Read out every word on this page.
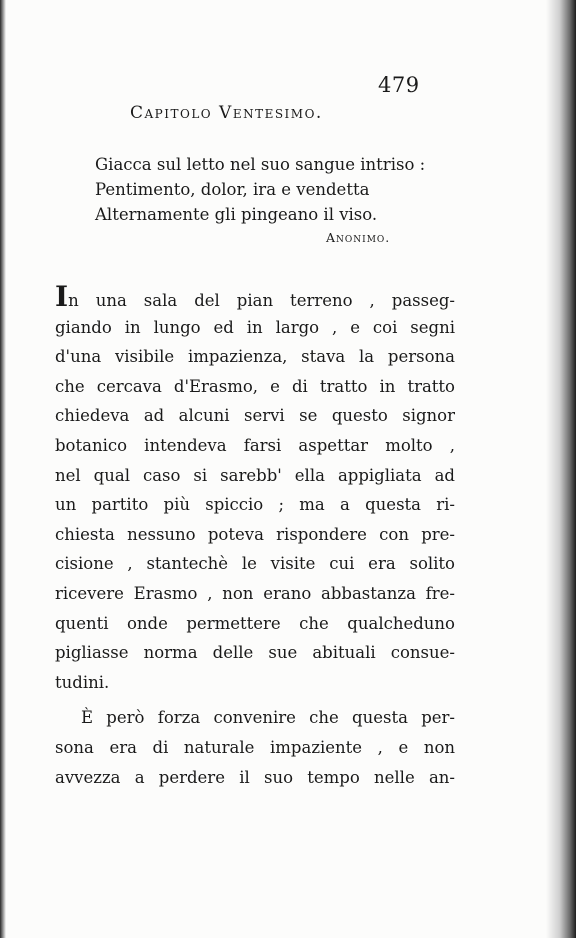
479
Capitolo Ventesimo.
Giacca sul letto nel suo sangue intriso :
Pentimento, dolor, ira e vendetta
Alternamente gli pingeano il viso.
Anonimo.
In una sala del pian terreno , passeg-
giando in lungo ed in largo , e coi segni
d'una visibile impazienza, stava la persona
che cercava d'Erasmo, e di tratto in tratto
chiedeva ad alcuni servi se questo signor
botanico intendeva farsi aspettar molto ,
nel qual caso si sarebb' ella appigliata ad
un partito più spiccio ; ma a questa ri-
chiesta nessuno poteva rispondere con pre-
cisione , stantechè le visite cui era solito
ricevere Erasmo , non erano abbastanza fre-
quenti onde permettere che qualcheduno
pigliasse norma delle sue abituali consue-
tudini.
È però forza convenire che questa per-
sona era di naturale impaziente , e non
avvezza a perdere il suo tempo nelle an-
